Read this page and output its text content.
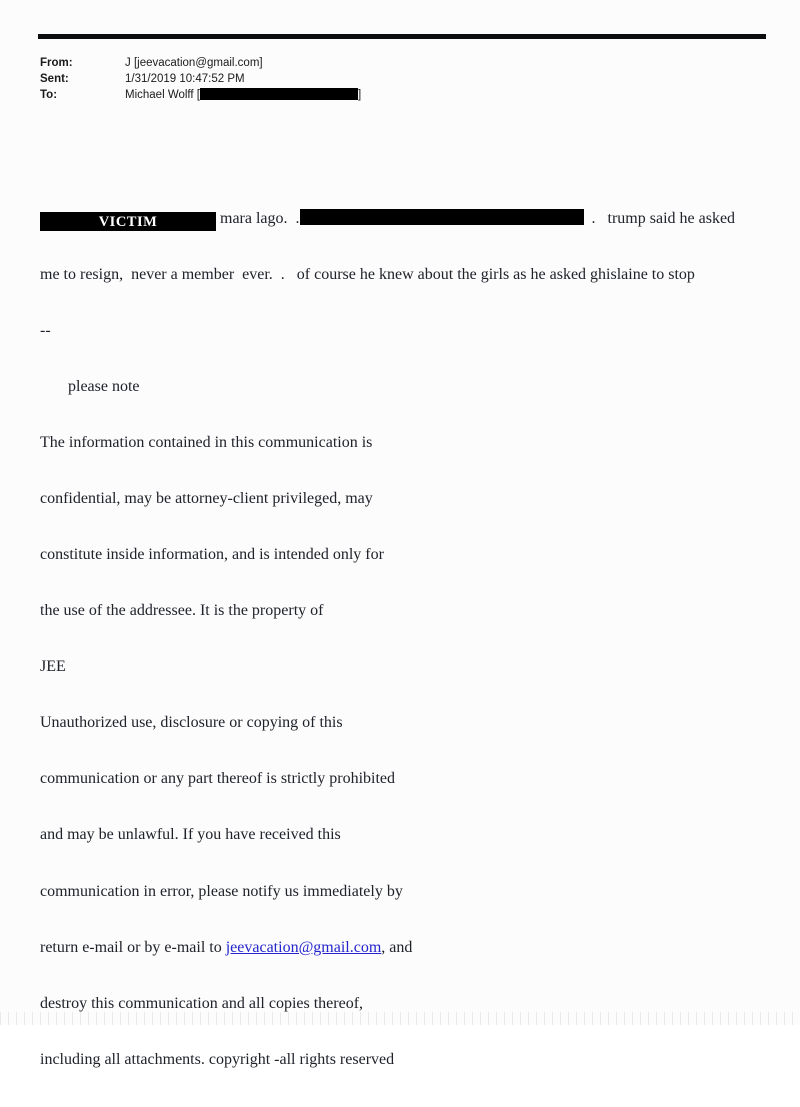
From:	J [jeevacation@gmail.com]
Sent:	1/31/2019 10:47:52 PM
To:	Michael Wolff [	]

VICTIM	mara lago.  .	.   trump said he asked

me to resign,  never a member  ever.  .   of course he knew about the girls as he asked ghislaine to stop

--

please note

The information contained in this communication is

confidential, may be attorney-client privileged, may

constitute inside information, and is intended only for

the use of the addressee. It is the property of

JEE

Unauthorized use, disclosure or copying of this

communication or any part thereof is strictly prohibited

and may be unlawful. If you have received this

communication in error, please notify us immediately by

return e-mail or by e-mail to jeevacation@gmail.com, and

destroy this communication and all copies thereof,

including all attachments. copyright -all rights reserved
